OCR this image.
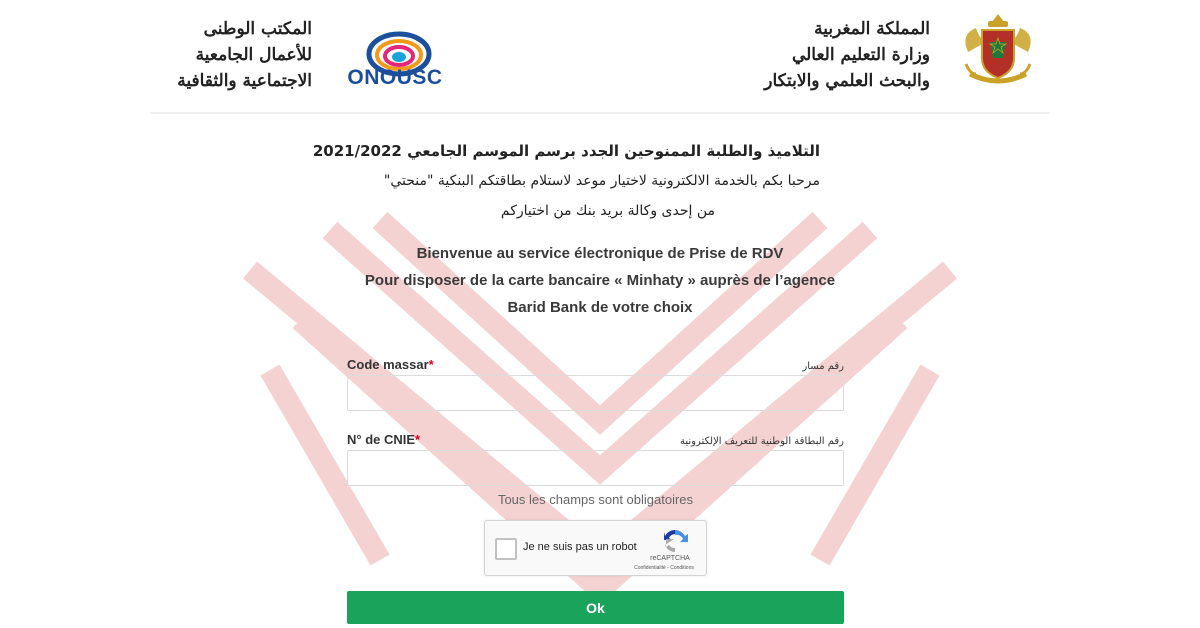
المملكة المغربية
وزارة التعليم العالي
والبحث العلمي والابتكار
ONOUSC
المكتب الوطنى
للأعمال الجامعية
الاجتماعية والثقافية
التلاميذ والطلبة الممنوحين الجدد برسم الموسم الجامعي 2021/2022
مرحبا بكم بالخدمة الالكترونية لاختيار موعد لاستلام بطاقتكم البنكية "منحتي"
من إحدى وكالة بريد بنك من اختياركم
Bienvenue au service électronique de Prise de RDV
Pour disposer de la carte bancaire « Minhaty » auprès de l’agence
Barid Bank de votre choix
Code massar*	رقم مسار
N° de CNIE*	رقم البطاقة الوطنية للتعريف الإلكترونية
Tous les champs sont obligatoires
Je ne suis pas un robot
reCAPTCHA
Confidentialité - Conditions
Ok
